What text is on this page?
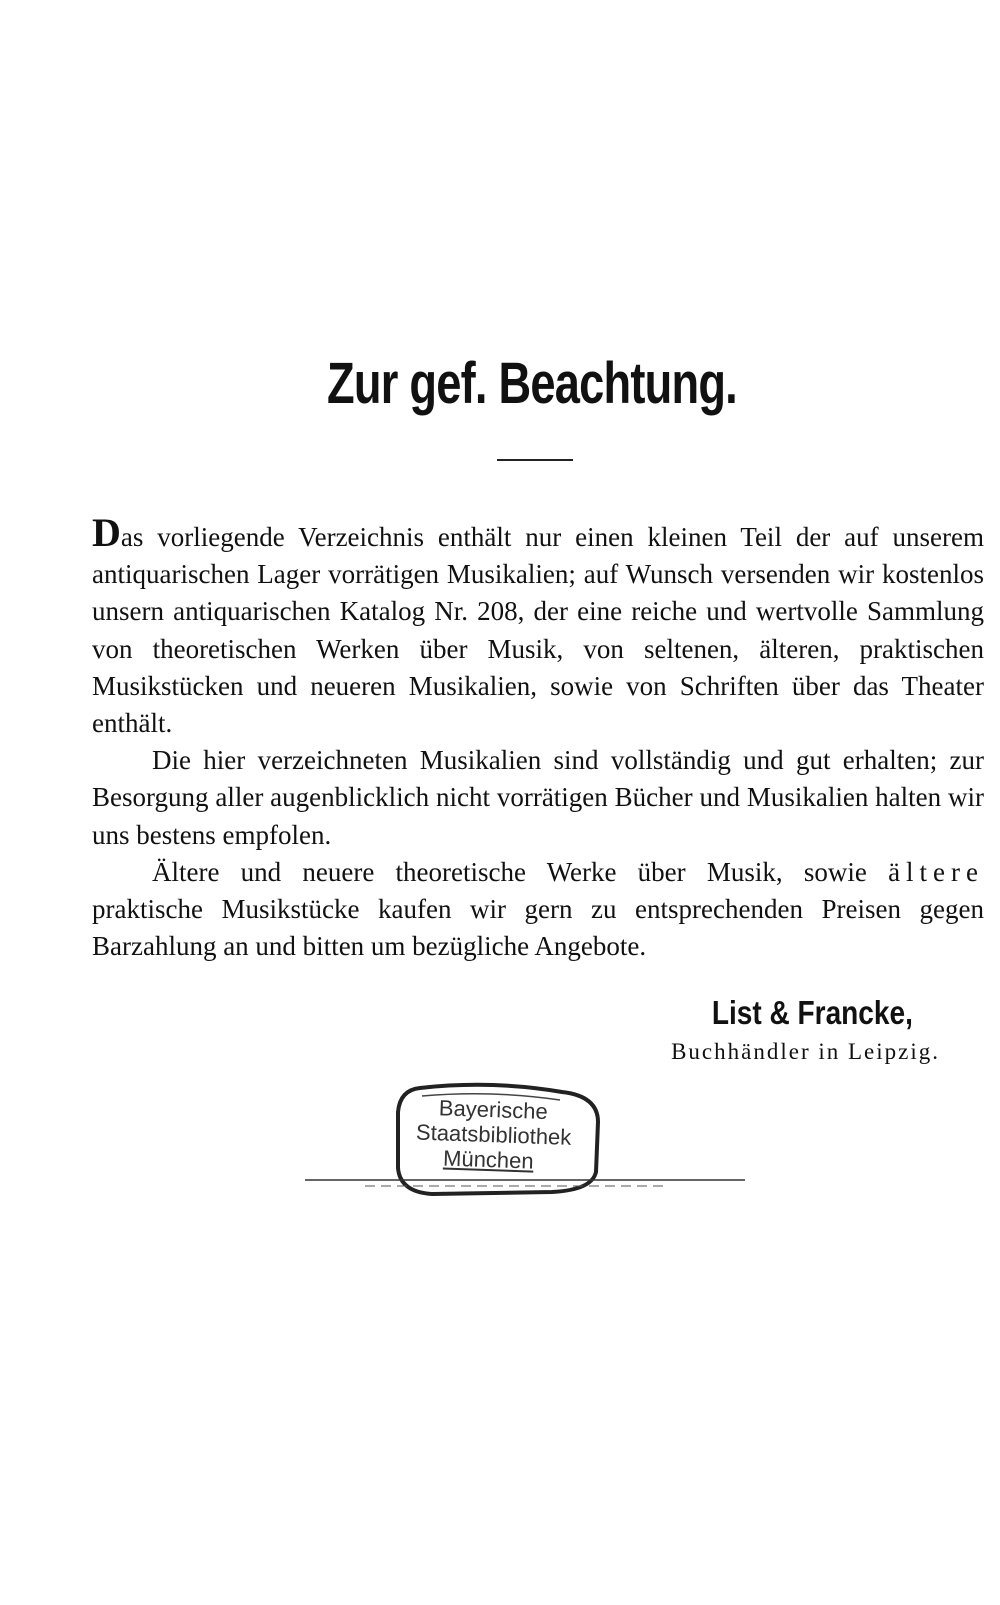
Zur gef. Beachtung.

Das vorliegende Verzeichnis enthält nur einen kleinen Teil der auf unserem antiquarischen Lager vorrätigen Musikalien; auf Wunsch versenden wir kostenlos unsern antiquarischen Katalog Nr. 208, der eine reiche und wertvolle Sammlung von theoretischen Werken über Musik, von seltenen, älteren, praktischen Musikstücken und neueren Musikalien, sowie von Schriften über das Theater enthält.

Die hier verzeichneten Musikalien sind vollständig und gut erhalten; zur Besorgung aller augenblicklich nicht vorrätigen Bücher und Musikalien halten wir uns bestens empfolen.

Ältere und neuere theoretische Werke über Musik, sowie ältere praktische Musikstücke kaufen wir gern zu entsprechenden Preisen gegen Barzahlung an und bitten um bezügliche Angebote.

List & Francke,
Buchhändler in Leipzig.
Bayerische
Staatsbibliothek
München
